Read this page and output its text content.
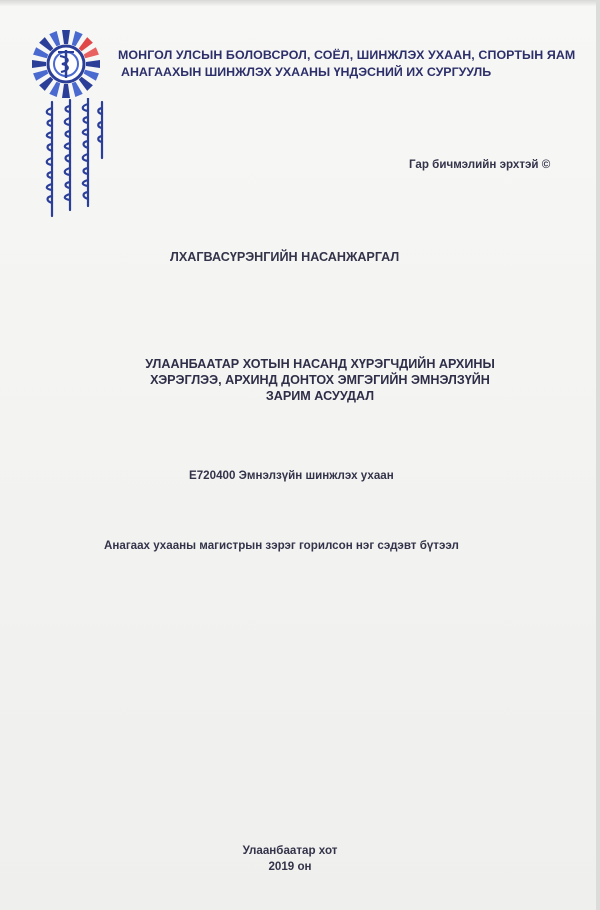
МОНГОЛ УЛСЫН БОЛОВСРОЛ, СОЁЛ, ШИНЖЛЭХ УХААН, СПОРТЫН ЯАМ
АНАГААХЫН ШИНЖЛЭХ УХААНЫ ҮНДЭСНИЙ ИХ СУРГУУЛЬ
Гар бичмэлийн эрхтэй ©
ЛХАГВАСҮРЭНГИЙН НАСАНЖАРГАЛ
УЛААНБААТАР ХОТЫН НАСАНД ХҮРЭГЧДИЙН АРХИНЫ
ХЭРЭГЛЭЭ, АРХИНД ДОНТОХ ЭМГЭГИЙН ЭМНЭЛЗҮЙН
ЗАРИМ АСУУДАЛ
E720400 Эмнэлзүйн шинжлэх ухаан
Анагаах ухааны магистрын зэрэг горилсон нэг сэдэвт бүтээл
Улаанбаатар хот
2019 он
